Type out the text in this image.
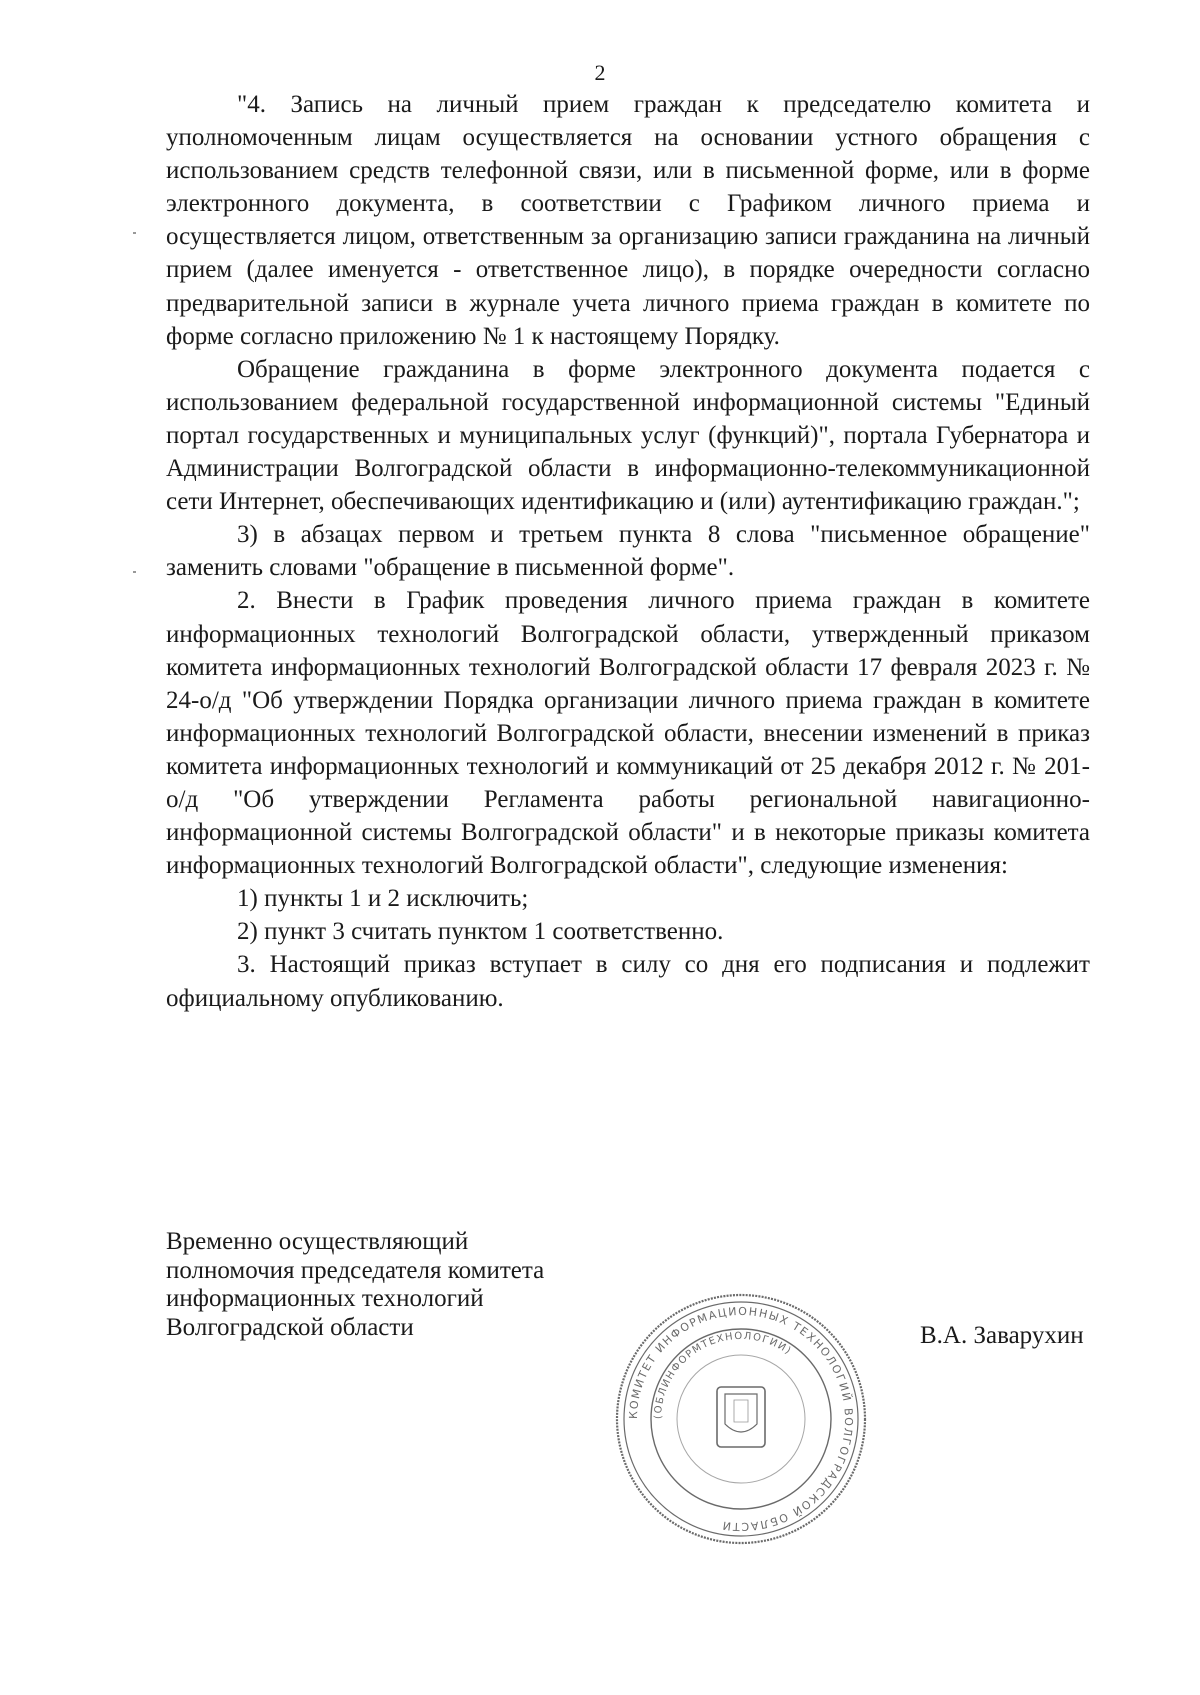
2

"4. Запись на личный прием граждан к председателю комитета и уполномоченным лицам осуществляется на основании устного обращения с использованием средств телефонной связи, или в письменной форме, или в форме электронного документа, в соответствии с Графиком личного приема и осуществляется лицом, ответственным за организацию записи гражданина на личный прием (далее именуется - ответственное лицо), в порядке очередности согласно предварительной записи в журнале учета личного приема граждан в комитете по форме согласно приложению № 1 к настоящему Порядку.

Обращение гражданина в форме электронного документа подается с использованием федеральной государственной информационной системы "Единый портал государственных и муниципальных услуг (функций)", портала Губернатора и Администрации Волгоградской области в информационно-телекоммуникационной сети Интернет, обеспечивающих идентификацию и (или) аутентификацию граждан.";

3) в абзацах первом и третьем пункта 8 слова "письменное обращение" заменить словами "обращение в письменной форме".

2. Внести в График проведения личного приема граждан в комитете информационных технологий Волгоградской области, утвержденный приказом комитета информационных технологий Волгоградской области 17 февраля 2023 г. № 24-о/д "Об утверждении Порядка организации личного приема граждан в комитете информационных технологий Волгоградской области, внесении изменений в приказ комитета информационных технологий и коммуникаций от 25 декабря 2012 г. № 201-о/д "Об утверждении Регламента работы региональной навигационно-информационной системы Волгоградской области" и в некоторые приказы комитета информационных технологий Волгоградской области", следующие изменения:

1) пункты 1 и 2 исключить;

2) пункт 3 считать пунктом 1 соответственно.

3. Настоящий приказ вступает в силу со дня его подписания и подлежит официальному опубликованию.

Временно осуществляющий
полномочия председателя комитета
информационных технологий
Волгоградской области	В.А. Заварухин
КОМИТЕТ ИНФОРМАЦИОННЫХ ТЕХНОЛОГИЙ ВОЛГОГРАДСКОЙ ОБЛАСТИ
(ОБЛИНФОРМТЕХНОЛОГИИ)
